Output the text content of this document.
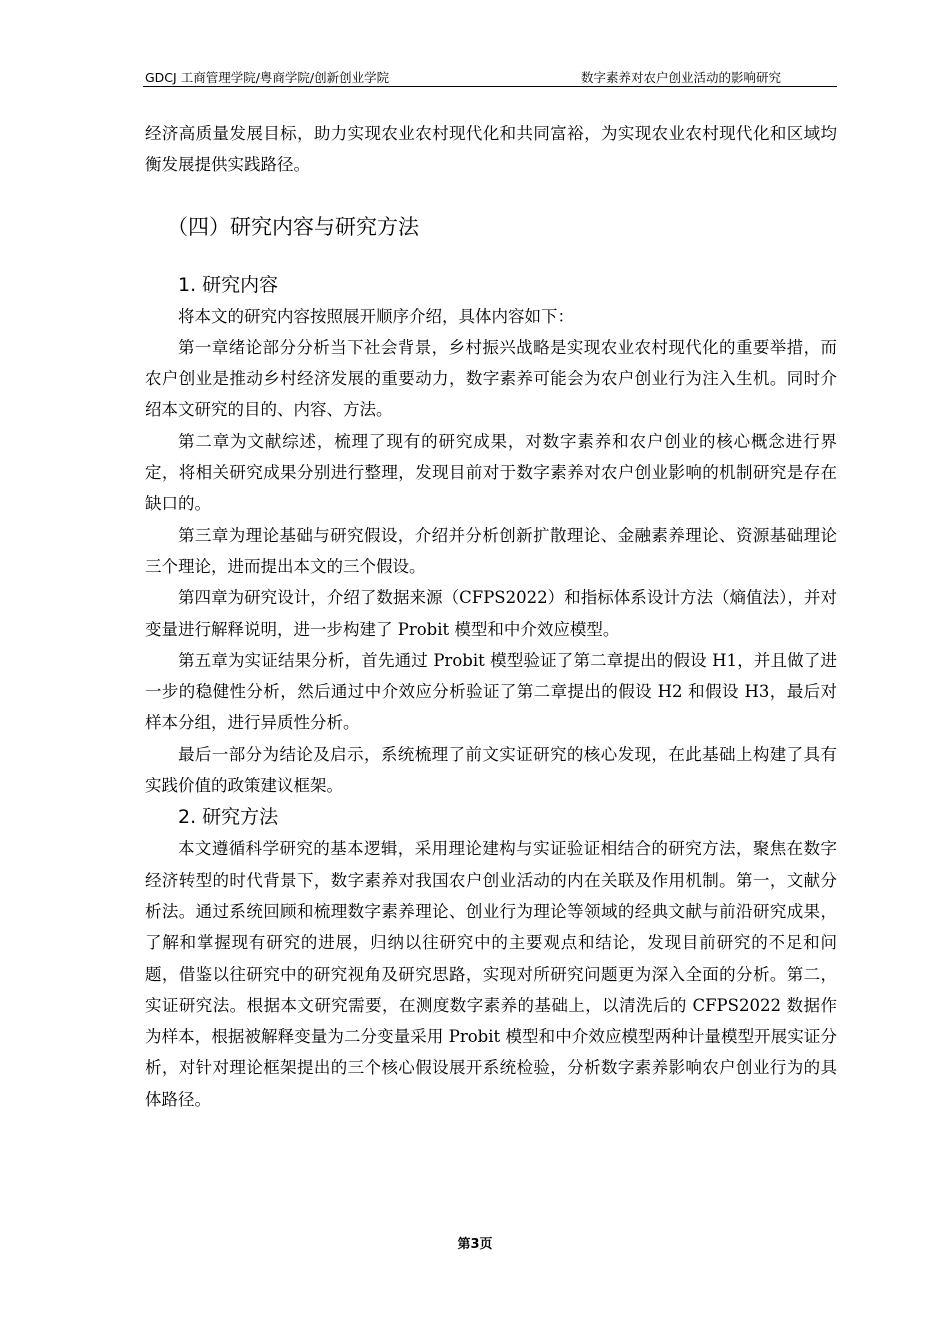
GDCJ 工商管理学院/粤商学院/创新创业学院	数字素养对农户创业活动的影响研究

经济高质量发展目标，助力实现农业农村现代化和共同富裕，为实现农业农村现代化和区域均衡发展提供实践路径。

（四）研究内容与研究方法

1. 研究内容

将本文的研究内容按照展开顺序介绍，具体内容如下：

第一章绪论部分分析当下社会背景，乡村振兴战略是实现农业农村现代化的重要举措，而农户创业是推动乡村经济发展的重要动力，数字素养可能会为农户创业行为注入生机。同时介绍本文研究的目的、内容、方法。

第二章为文献综述，梳理了现有的研究成果，对数字素养和农户创业的核心概念进行界定，将相关研究成果分别进行整理，发现目前对于数字素养对农户创业影响的机制研究是存在缺口的。

第三章为理论基础与研究假设，介绍并分析创新扩散理论、金融素养理论、资源基础理论三个理论，进而提出本文的三个假设。

第四章为研究设计，介绍了数据来源（CFPS2022）和指标体系设计方法（熵值法），并对变量进行解释说明，进一步构建了 Probit 模型和中介效应模型。

第五章为实证结果分析，首先通过 Probit 模型验证了第二章提出的假设 H1，并且做了进一步的稳健性分析，然后通过中介效应分析验证了第二章提出的假设 H2 和假设 H3，最后对样本分组，进行异质性分析。

最后一部分为结论及启示，系统梳理了前文实证研究的核心发现，在此基础上构建了具有实践价值的政策建议框架。

2. 研究方法

本文遵循科学研究的基本逻辑，采用理论建构与实证验证相结合的研究方法，聚焦在数字经济转型的时代背景下，数字素养对我国农户创业活动的内在关联及作用机制。第一，文献分析法。通过系统回顾和梳理数字素养理论、创业行为理论等领域的经典文献与前沿研究成果，了解和掌握现有研究的进展，归纳以往研究中的主要观点和结论，发现目前研究的不足和问题，借鉴以往研究中的研究视角及研究思路，实现对所研究问题更为深入全面的分析。第二，实证研究法。根据本文研究需要，在测度数字素养的基础上，以清洗后的 CFPS2022 数据作为样本，根据被解释变量为二分变量采用 Probit 模型和中介效应模型两种计量模型开展实证分析，对针对理论框架提出的三个核心假设展开系统检验，分析数字素养影响农户创业行为的具体路径。

第3页
